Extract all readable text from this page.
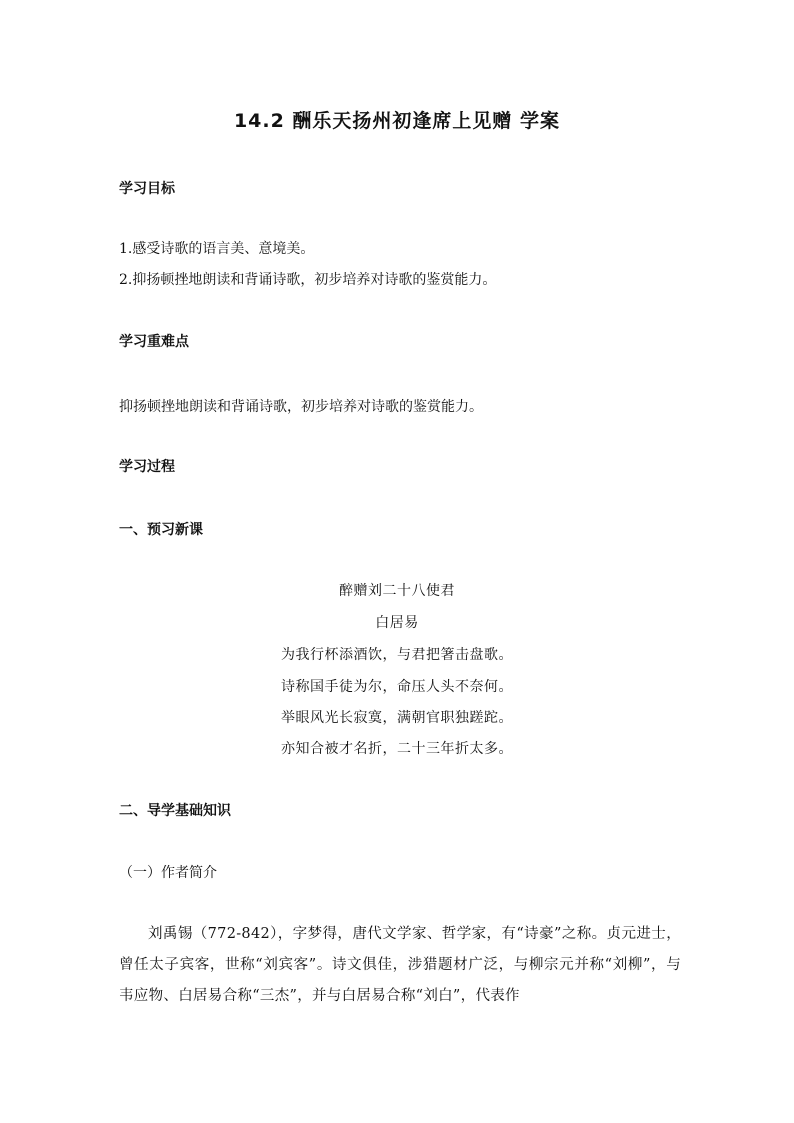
14.2 酬乐天扬州初逢席上见赠 学案
学习目标
1.感受诗歌的语言美、意境美。
2.抑扬顿挫地朗读和背诵诗歌，初步培养对诗歌的鉴赏能力。
学习重难点
抑扬顿挫地朗读和背诵诗歌，初步培养对诗歌的鉴赏能力。
学习过程
一、预习新课
醉赠刘二十八使君
白居易
为我行杯添酒饮，与君把箸击盘歌。
诗称国手徒为尔，命压人头不奈何。
举眼风光长寂寞，满朝官职独蹉跎。
亦知合被才名折，二十三年折太多。
二、导学基础知识
（一）作者简介
刘禹锡（772-842），字梦得，唐代文学家、哲学家，有“诗豪”之称。贞元进士，曾任太子宾客，世称“刘宾客”。诗文俱佳，涉猎题材广泛，与柳宗元并称“刘柳”，与韦应物、白居易合称“三杰”，并与白居易合称“刘白”，代表作
